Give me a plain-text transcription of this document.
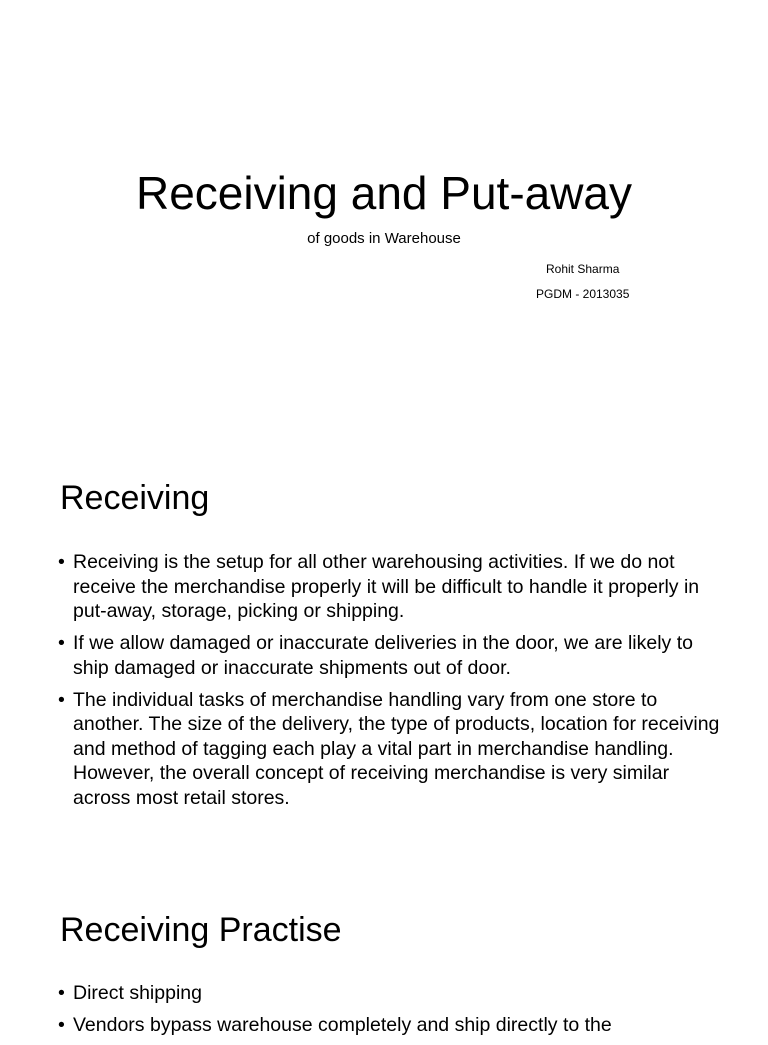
Receiving and Put-away
of goods in Warehouse
Rohit Sharma
PGDM - 2013035
Receiving
• Receiving is the setup for all other warehousing activities. If we do not receive the merchandise properly it will be difficult to handle it properly in put-away, storage, picking or shipping.
• If we allow damaged or inaccurate deliveries in the door, we are likely to ship damaged or inaccurate shipments out of door.
• The individual tasks of merchandise handling vary from one store to another. The size of the delivery, the type of products, location for receiving and method of tagging each play a vital part in merchandise handling. However, the overall concept of receiving merchandise is very similar across most retail stores.
Receiving Practise
• Direct shipping
• Vendors bypass warehouse completely and ship directly to the
